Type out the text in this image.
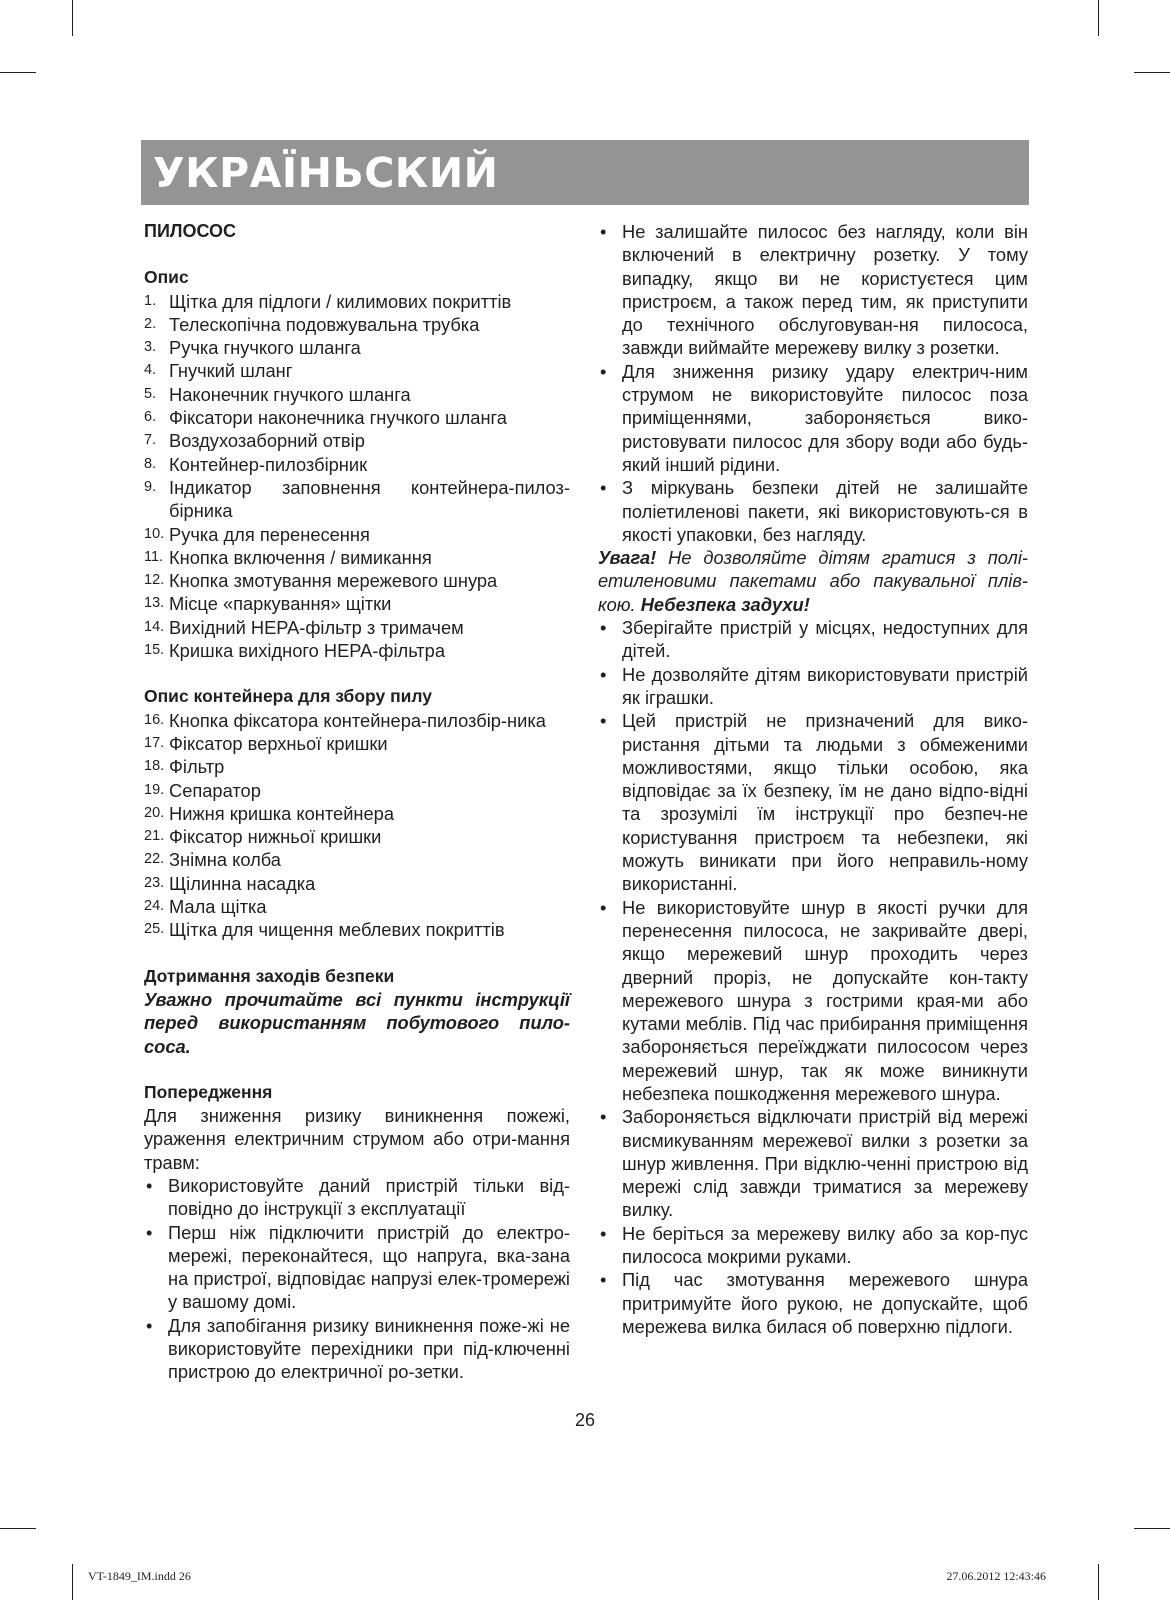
УКРАЇНЬСКИЙ

ПИЛОСОС

Опис

1. Щітка для підлоги / килимових покриттів
2. Телескопічна подовжувальна трубка
3. Ручка гнучкого шланга
4. Гнучкий шланг
5. Наконечник гнучкого шланга
6. Фіксатори наконечника гнучкого шланга
7. Воздухозаборний отвір
8. Контейнер-пилозбірник
9. Індикатор заповнення контейнера-пилоз-бірника
10. Ручка для перенесення
11. Кнопка включення / вимикання
12. Кнопка змотування мережевого шнура
13. Місце «паркування» щітки
14. Вихідний HEPA-фільтр з тримачем
15. Кришка вихідного HEPA-фільтра

Опис контейнера для збору пилу

16. Кнопка фіксатора контейнера-пилозбір-ника
17. Фіксатор верхньої кришки
18. Фільтр
19. Сепаратор
20. Нижня кришка контейнера
21. Фіксатор нижньої кришки
22. Знімна колба
23. Щілинна насадка
24. Мала щітка
25. Щітка для чищення меблевих покриттів

Дотримання заходів безпеки

Уважно прочитайте всі пункти інструкції перед використанням побутового пило-соса.

Попередження

Для зниження ризику виникнення пожежі, ураження електричним струмом або отри-мання травм:

• Використовуйте даний пристрій тільки від-повідно до інструкції з експлуатації
• Перш ніж підключити пристрій до електро-мережі, переконайтеся, що напруга, вка-зана на пристрої, відповідає напрузі елек-тромережі у вашому домі.
• Для запобігання ризику виникнення поже-жі не використовуйте перехідники при під-ключенні пристрою до електричної ро-зетки.
• Не залишайте пилосос без нагляду, коли він включений в електричну розетку. У тому випадку, якщо ви не користуєтеся цим пристроєм, а також перед тим, як приступити до технічного обслуговуван-ня пилососа, завжди виймайте мережеву вилку з розетки.
• Для зниження ризику удару електрич-ним струмом не використовуйте пилосос поза приміщеннями, забороняється вико-ристовувати пилосос для збору води або будь-який інший рідини.
• З міркувань безпеки дітей не залишайте поліетиленові пакети, які використовують-ся в якості упаковки, без нагляду.

Увага! Не дозволяйте дітям гратися з полі-етиленовими пакетами або пакувальної плів-кою. Небезпека задухи!

• Зберігайте пристрій у місцях, недоступних для дітей.
• Не дозволяйте дітям використовувати пристрій як іграшки.
• Цей пристрій не призначений для вико-ристання дітьми та людьми з обмеженими можливостями, якщо тільки особою, яка відповідає за їх безпеку, їм не дано відпо-відні та зрозумілі їм інструкції про безпеч-не користування пристроєм та небезпеки, які можуть виникати при його неправиль-ному використанні.
• Не використовуйте шнур в якості ручки для перенесення пилососа, не закривайте двері, якщо мережевий шнур проходить через дверний проріз, не допускайте кон-такту мережевого шнура з гострими края-ми або кутами меблів. Під час прибирання приміщення забороняється переїжджати пилососом через мережевий шнур, так як може виникнути небезпека пошкодження мережевого шнура.
• Забороняється відключати пристрій від мережі висмикуванням мережевої вилки з розетки за шнур живлення. При відклю-ченні пристрою від мережі слід завжди триматися за мережеву вилку.
• Не беріться за мережеву вилку або за кор-пус пилососа мокрими руками.
• Під час змотування мережевого шнура притримуйте його рукою, не допускайте, щоб мережева вилка билася об поверхню підлоги.
26
VT-1849_IM.indd 26	27.06.2012 12:43:46
